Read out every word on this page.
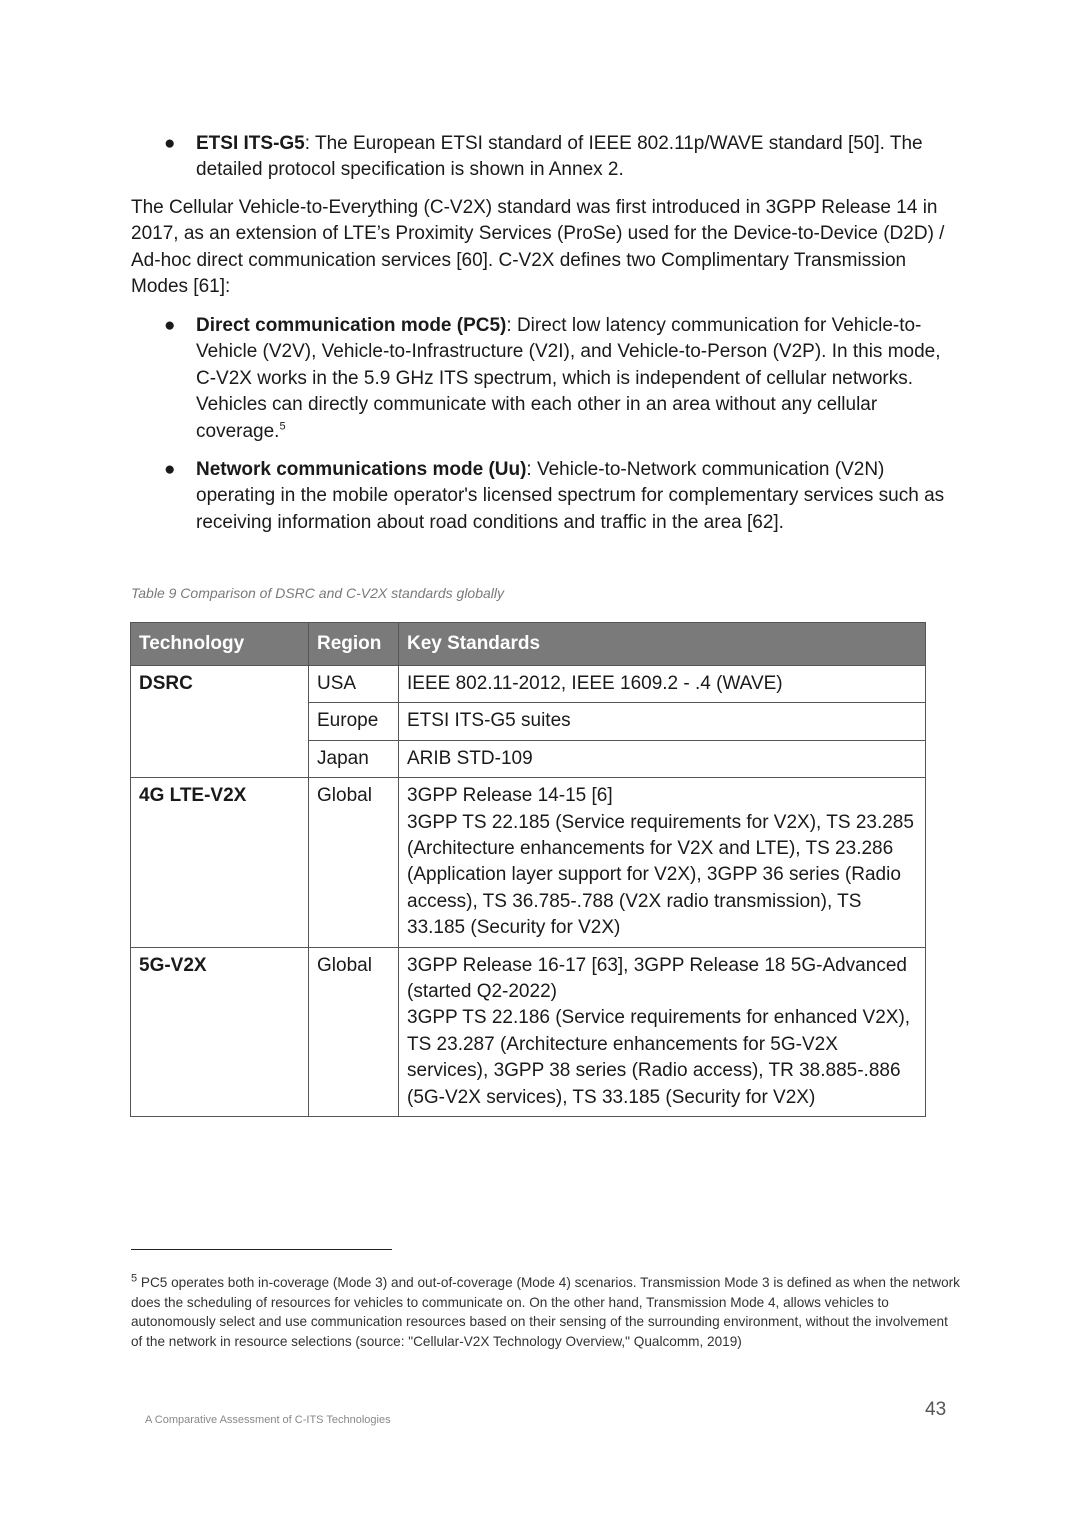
● ETSI ITS-G5: The European ETSI standard of IEEE 802.11p/WAVE standard [50]. The detailed protocol specification is shown in Annex 2.
The Cellular Vehicle-to-Everything (C-V2X) standard was first introduced in 3GPP Release 14 in 2017, as an extension of LTE’s Proximity Services (ProSe) used for the Device-to-Device (D2D) / Ad-hoc direct communication services [60]. C-V2X defines two Complimentary Transmission Modes [61]:
● Direct communication mode (PC5): Direct low latency communication for Vehicle-to-Vehicle (V2V), Vehicle-to-Infrastructure (V2I), and Vehicle-to-Person (V2P). In this mode, C-V2X works in the 5.9 GHz ITS spectrum, which is independent of cellular networks. Vehicles can directly communicate with each other in an area without any cellular coverage.$^5$
● Network communications mode (Uu): Vehicle-to-Network communication (V2N) operating in the mobile operator's licensed spectrum for complementary services such as receiving information about road conditions and traffic in the area [62].
Table 9 Comparison of DSRC and C-V2X standards globally
Technology	Region	Key Standards
DSRC	USA	IEEE 802.11-2012, IEEE 1609.2 - .4 (WAVE)
	Europe	ETSI ITS-G5 suites
	Japan	ARIB STD-109
4G LTE-V2X	Global	3GPP Release 14-15 [6]
3GPP TS 22.185 (Service requirements for V2X), TS 23.285 (Architecture enhancements for V2X and LTE), TS 23.286 (Application layer support for V2X), 3GPP 36 series (Radio access), TS 36.785-.788 (V2X radio transmission), TS 33.185 (Security for V2X)

5G-V2X	Global	3GPP Release 16-17 [63], 3GPP Release 18 5G-Advanced (started Q2-2022)
3GPP TS 22.186 (Service requirements for enhanced V2X), TS 23.287 (Architecture enhancements for 5G-V2X services), 3GPP 38 series (Radio access), TR 38.885-.886 (5G-V2X services), TS 33.185 (Security for V2X)
$^5$ PC5 operates both in-coverage (Mode 3) and out-of-coverage (Mode 4) scenarios. Transmission Mode 3 is defined as when the network does the scheduling of resources for vehicles to communicate on. On the other hand, Transmission Mode 4, allows vehicles to autonomously select and use communication resources based on their sensing of the surrounding environment, without the involvement of the network in resource selections (source: "Cellular-V2X Technology Overview," Qualcomm, 2019)
A Comparative Assessment of C-ITS Technologies	43
